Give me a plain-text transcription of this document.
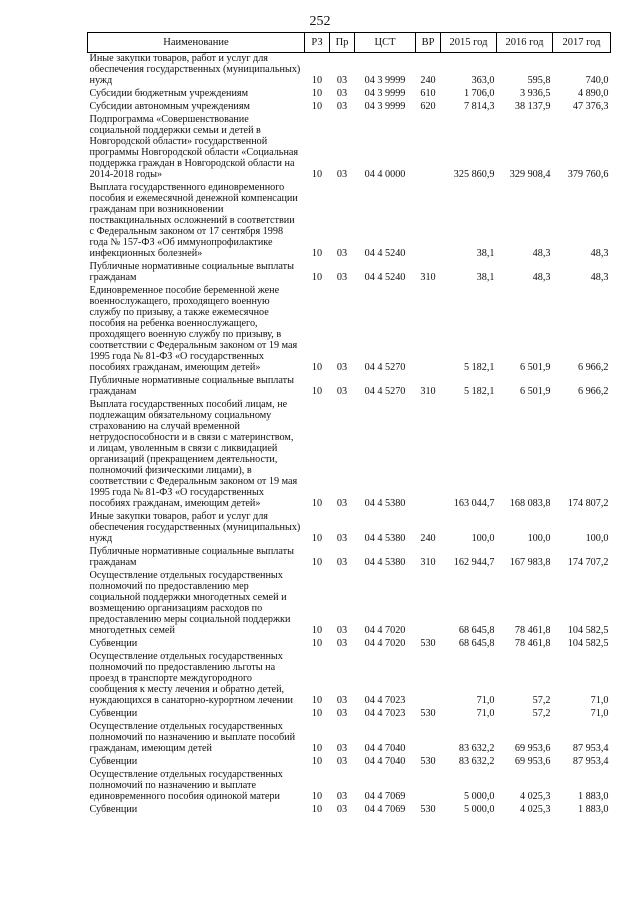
252
Наименование	РЗ	Пр	ЦСТ	ВР	2015 год	2016 год	2017 год
Иные закупки товаров, работ и услуг для обеспечения государственных (муниципальных) нужд	10	03	04 3 9999	240	363,0	595,8	740,0
Субсидии бюджетным учреждениям	10	03	04 3 9999	610	1 706,0	3 936,5	4 890,0
Субсидии автономным учреждениям	10	03	04 3 9999	620	7 814,3	38 137,9	47 376,3
Подпрограмма «Совершенствование социальной поддержки семьи и детей в Новгородской области» государственной программы Новгородской области «Социальная поддержка граждан в Новгородской области на 2014-2018 годы»	10	03	04 4 0000		325 860,9	329 908,4	379 760,6
Выплата государственного единовременного пособия и ежемесячной денежной компенсации гражданам при возникновении поствакцинальных осложнений в соответствии с Федеральным законом от 17 сентября 1998 года № 157-ФЗ «Об иммунопрофилактике инфекционных болезней»	10	03	04 4 5240		38,1	48,3	48,3
Публичные нормативные социальные выплаты гражданам	10	03	04 4 5240	310	38,1	48,3	48,3
Единовременное пособие беременной жене военнослужащего, проходящего военную службу по призыву, а также ежемесячное пособия на ребенка военнослужащего, проходящего военную службу по призыву, в соответствии с Федеральным законом от 19 мая 1995 года № 81-ФЗ «О государственных пособиях гражданам, имеющим детей»	10	03	04 4 5270		5 182,1	6 501,9	6 966,2
Публичные нормативные социальные выплаты гражданам	10	03	04 4 5270	310	5 182,1	6 501,9	6 966,2
Выплата государственных пособий лицам, не подлежащим обязательному социальному страхованию на случай временной нетрудоспособности и в связи с материнством, и лицам, уволенным в связи с ликвидацией организаций (прекращением деятельности, полномочий физическими лицами), в соответствии с Федеральным законом от 19 мая 1995 года № 81-ФЗ «О государственных пособиях гражданам, имеющим детей»	10	03	04 4 5380		163 044,7	168 083,8	174 807,2
Иные закупки товаров, работ и услуг для обеспечения государственных (муниципальных) нужд	10	03	04 4 5380	240	100,0	100,0	100,0
Публичные нормативные социальные выплаты гражданам	10	03	04 4 5380	310	162 944,7	167 983,8	174 707,2
Осуществление отдельных государственных полномочий по предоставлению мер социальной поддержки многодетных семей и возмещению организациям расходов по предоставлению меры социальной поддержки многодетных семей	10	03	04 4 7020		68 645,8	78 461,8	104 582,5
Субвенции	10	03	04 4 7020	530	68 645,8	78 461,8	104 582,5
Осуществление отдельных государственных полномочий по предоставлению льготы на проезд в транспорте междугородного сообщения к месту лечения и обратно детей, нуждающихся в санаторно-курортном лечении	10	03	04 4 7023		71,0	57,2	71,0
Субвенции	10	03	04 4 7023	530	71,0	57,2	71,0
Осуществление отдельных государственных полномочий по назначению и выплате пособий гражданам, имеющим детей	10	03	04 4 7040		83 632,2	69 953,6	87 953,4
Субвенции	10	03	04 4 7040	530	83 632,2	69 953,6	87 953,4
Осуществление отдельных государственных полномочий по назначению и выплате единовременного пособия одинокой матери	10	03	04 4 7069		5 000,0	4 025,3	1 883,0
Субвенции	10	03	04 4 7069	530	5 000,0	4 025,3	1 883,0
